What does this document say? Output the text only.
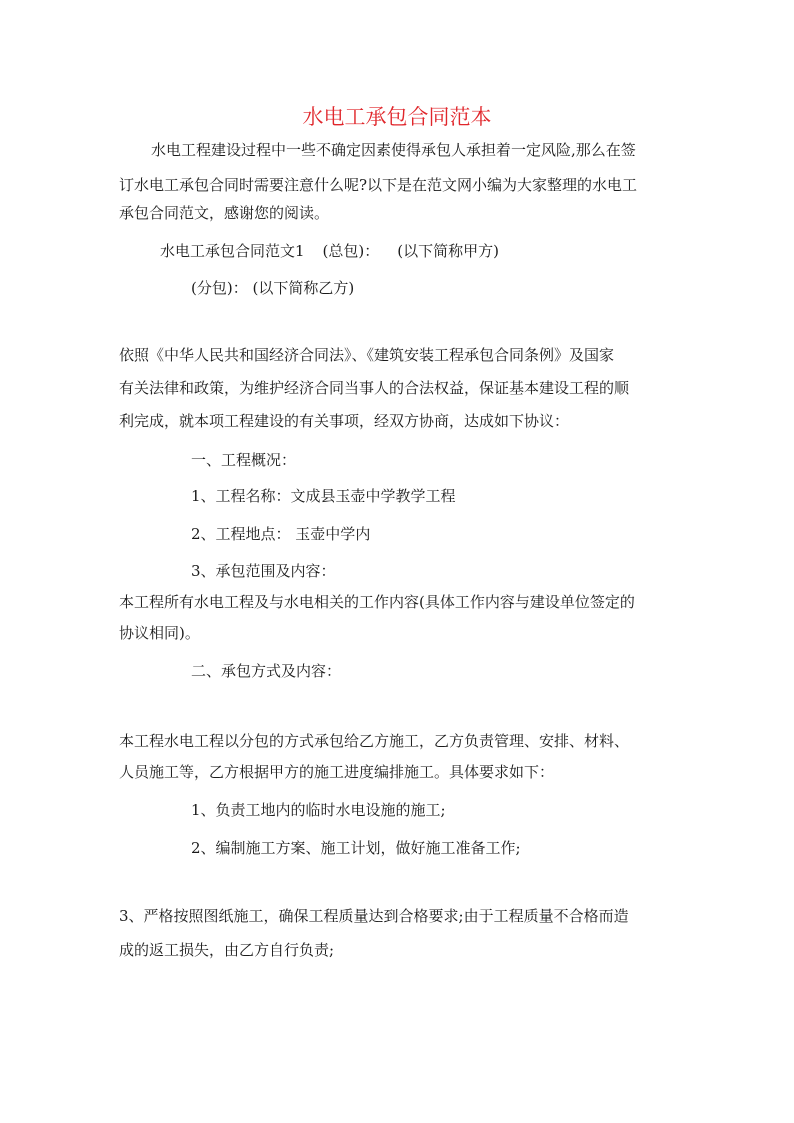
水电工承包合同范本
水电工程建设过程中一些不确定因素使得承包人承担着一定风险,那么在签
订水电工承包合同时需要注意什么呢?以下是在范文网小编为大家整理的水电工
承包合同范文，感谢您的阅读。
水电工承包合同范文1 (总包)： (以下简称甲方)
(分包)： (以下简称乙方)
依照《中华人民共和国经济合同法》、《建筑安装工程承包合同条例》及国家
有关法律和政策，为维护经济合同当事人的合法权益，保证基本建设工程的顺
利完成，就本项工程建设的有关事项，经双方协商，达成如下协议：
一、工程概况：
1、工程名称：文成县玉壶中学教学工程
2、工程地点： 玉壶中学内
3、承包范围及内容：
本工程所有水电工程及与水电相关的工作内容(具体工作内容与建设单位签定的
协议相同)。
二、承包方式及内容：
本工程水电工程以分包的方式承包给乙方施工，乙方负责管理、安排、材料、
人员施工等，乙方根据甲方的施工进度编排施工。具体要求如下：
1、负责工地内的临时水电设施的施工;
2、编制施工方案、施工计划，做好施工准备工作;
3、严格按照图纸施工，确保工程质量达到合格要求;由于工程质量不合格而造
成的返工损失，由乙方自行负责;
